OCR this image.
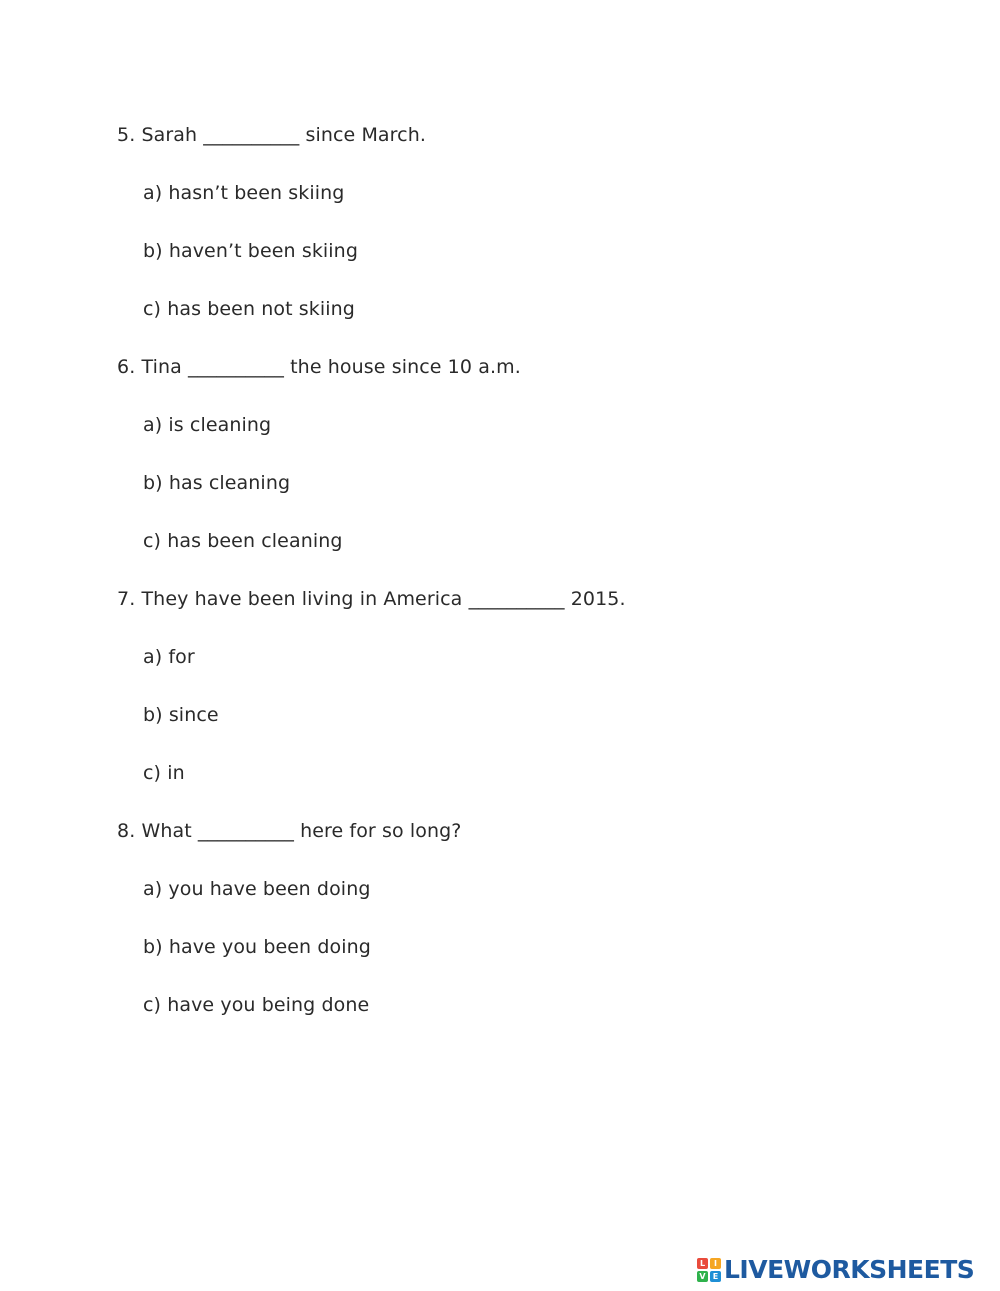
5. Sarah __________ since March.
a) hasn’t been skiing
b) haven’t been skiing
c) has been not skiing
6. Tina __________ the house since 10 a.m.
a) is cleaning
b) has cleaning
c) has been cleaning
7. They have been living in America __________ 2015.
a) for
b) since
c) in
8. What __________ here for so long?
a) you have been doing
b) have you been doing
c) have you being done
L	I
V E LIVEWORKSHEETS
